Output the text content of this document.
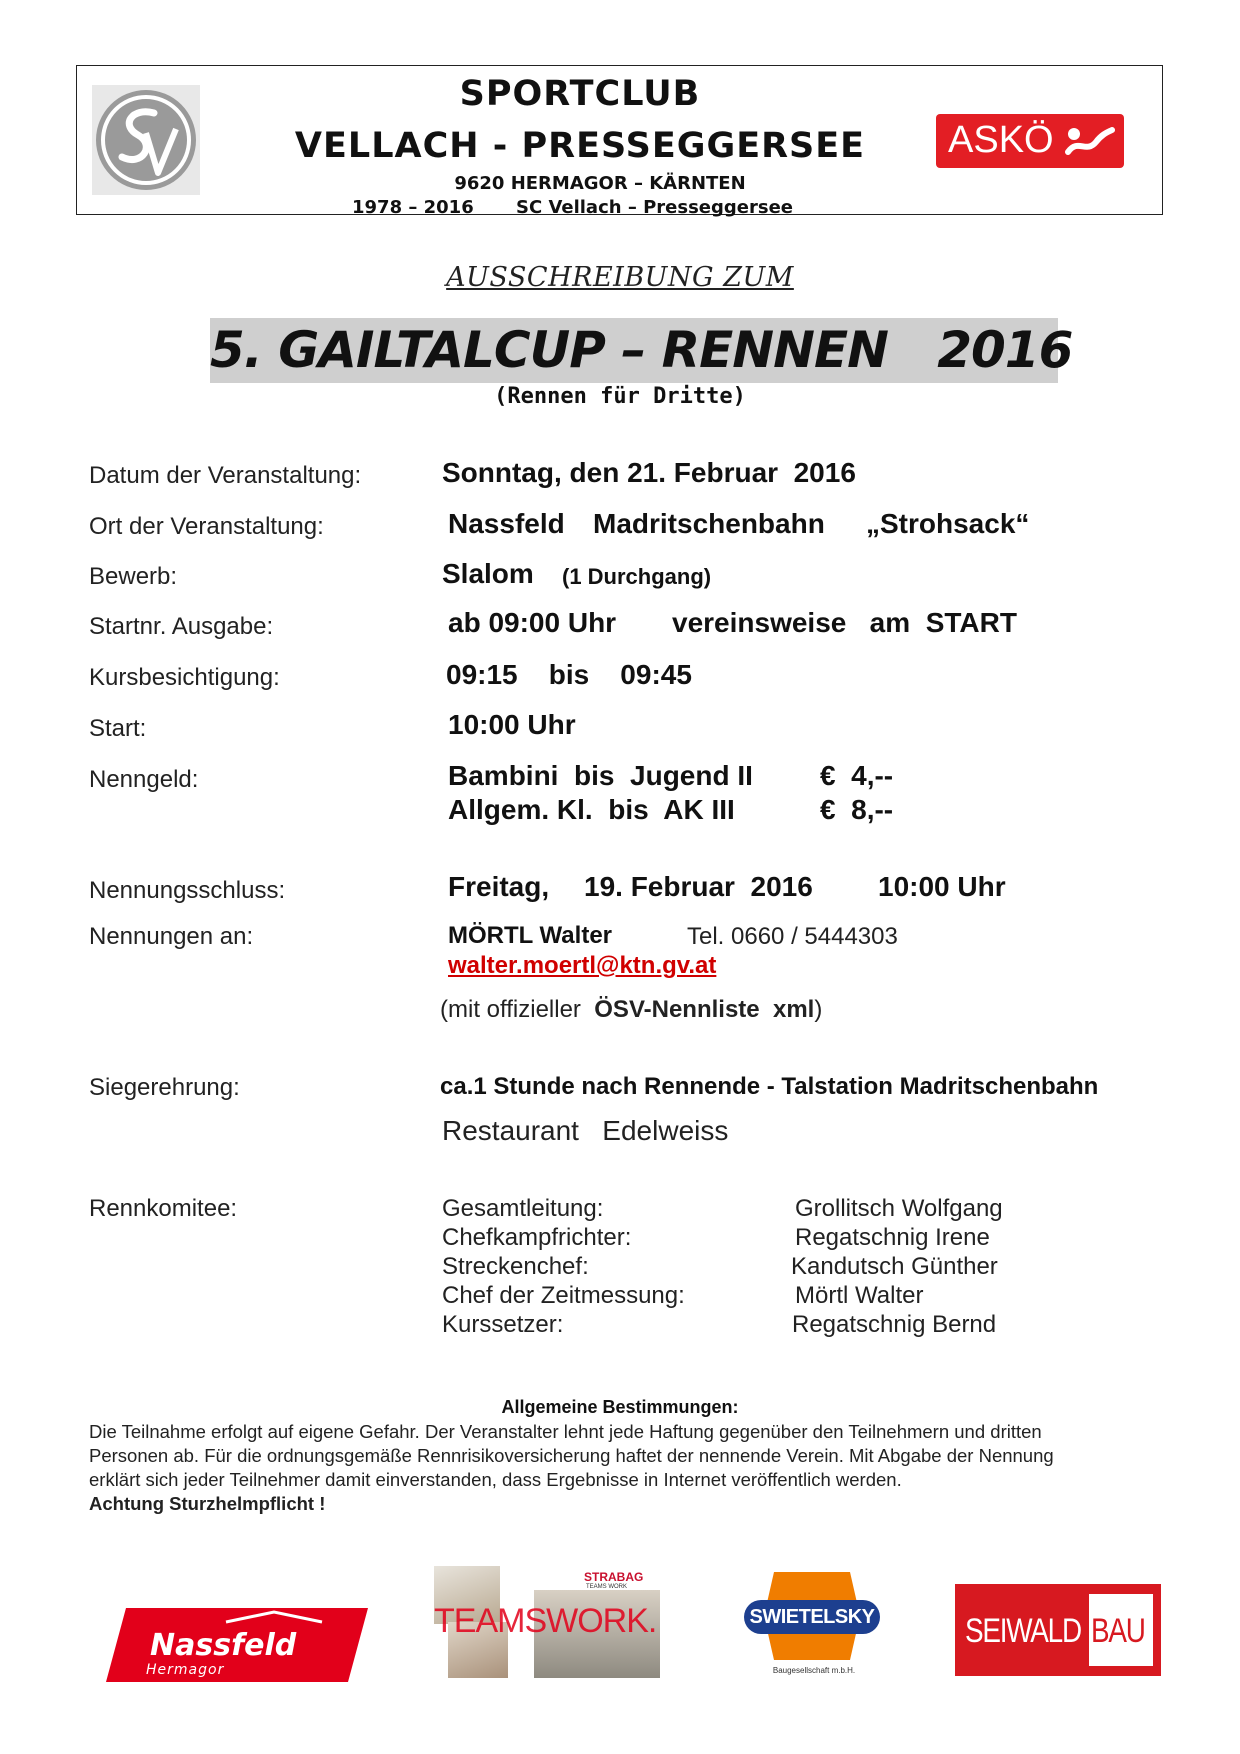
SPORTCLUB
VELLACH - PRESSEGGERSEE
9620 HERMAGOR – KÄRNTEN
1978 – 2016	SC Vellach – Presseggersee
ASKÖ
AUSSCHREIBUNG ZUM
5. GAILTALCUP – RENNEN   2016
(Rennen für Dritte)
Datum der Veranstaltung:	Sonntag, den 21. Februar  2016
Ort der Veranstaltung:	Nassfeld Madritschenbahn „Strohsack“
Bewerb:	Slalom (1 Durchgang)
Startnr. Ausgabe:	ab 09:00 Uhr vereinsweise   am  START
Kursbesichtigung:	09:15    bis    09:45
Start:	10:00 Uhr
Nenngeld:	Bambini  bis  Jugend II €  4,--
Allgem. Kl.  bis  AK III	€  8,--
Nennungsschluss:	Freitag, 19. Februar  2016 10:00 Uhr
Nennungen an:	MÖRTL Walter	Tel. 0660 / 5444303
walter.moertl@ktn.gv.at
(mit offizieller  ÖSV-Nennliste  xml)
Siegerehrung:	ca.1 Stunde nach Rennende - Talstation Madritschenbahn
Restaurant   Edelweiss
Rennkomitee:	Gesamtleitung:	Grollitsch Wolfgang
Chefkampfrichter:	Regatschnig Irene
Streckenchef:	Kandutsch Günther
Chef der Zeitmessung:	Mörtl Walter
Kurssetzer:	Regatschnig Bernd
Allgemeine Bestimmungen:
Die Teilnahme erfolgt auf eigene Gefahr. Der Veranstalter lehnt jede Haftung gegenüber den Teilnehmern und dritten
Personen ab. Für die ordnungsgemäße Rennrisikoversicherung haftet der nennende Verein. Mit Abgabe der Nennung
erklärt sich jeder Teilnehmer damit einverstanden, dass Ergebnisse in Internet veröffentlich werden.
Achtung Sturzhelmpflicht !
Nassfeld
Hermagor
STRABAG
TEAMS WORK
TEAMSWORK.	SWIETELSKY
Baugesellschaft m.b.H.
SEIWALD BAU
